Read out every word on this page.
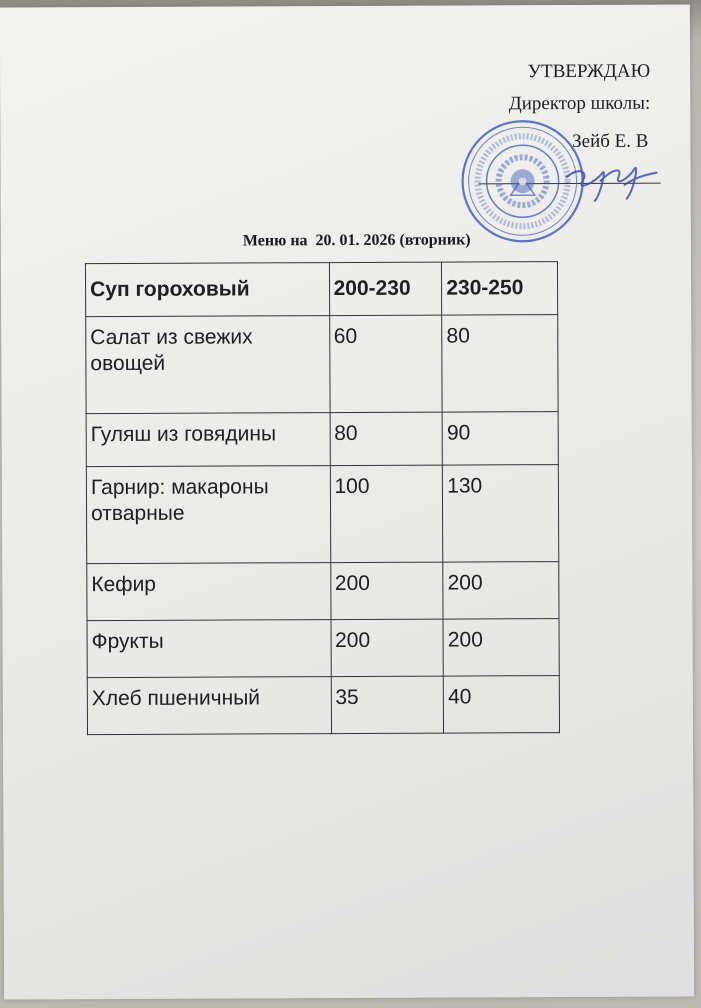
УТВЕРЖДАЮ
Директор школы:
Зейб Е. В
Меню на 20. 01. 2026 (вторник)
Суп гороховый	200-230	230-250
Салат из свежих овощей	60	80
Гуляш из говядины	80	90
Гарнир: макароны отварные	100	130
Кефир	200	200
Фрукты	200	200
Хлеб пшеничный	35	40
